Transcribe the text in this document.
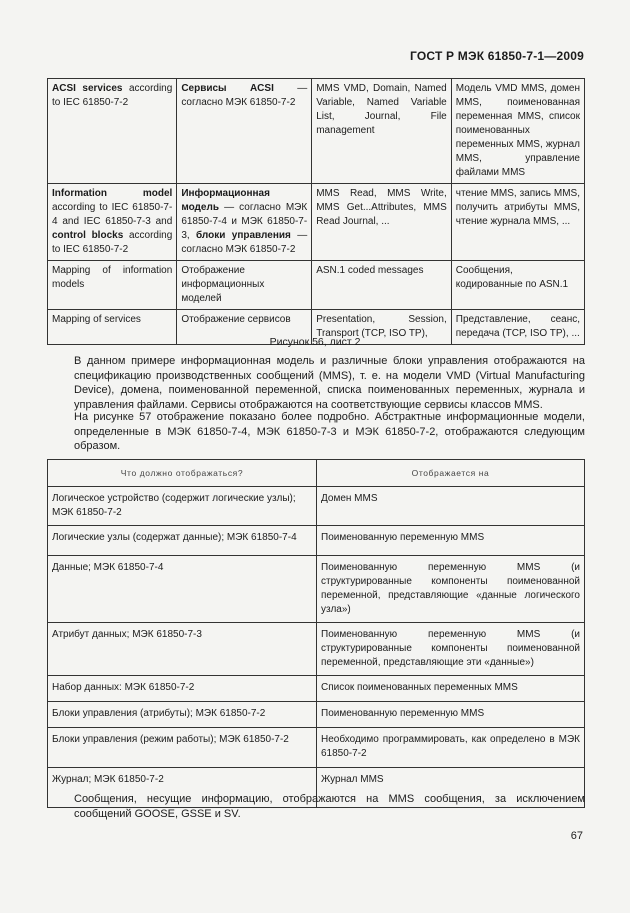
ГОСТ Р МЭК 61850-7-1—2009
ACSI services according to IEC 61850-7-2	Сервисы ACSI — согласно МЭК 61850-7-2	MMS VMD, Domain, Named Variable, Named Variable List, Journal, File management	Модель VMD MMS, домен MMS, поименованная переменная MMS, список поименованных переменных MMS, журнал MMS, управление файлами MMS
Information model according to IEC 61850-7-4 and IEC 61850-7-3 and control blocks according to IEC 61850-7-2	Информационная модель — согласно МЭК 61850-7-4 и МЭК 61850-7-3, блоки управления — согласно МЭК 61850-7-2	MMS Read, MMS Write, MMS Get...Attributes, MMS Read Journal, ...	чтение MMS, запись MMS, получить атрибуты MMS, чтение журнала MMS, ...
Mapping of information models	Отображение информационных моделей	ASN.1 coded messages	Сообщения, кодированные по ASN.1
Mapping of services	Отображение сервисов	Presentation, Session, Transport (TCP, ISO TP),	Представление, сеанс, передача (TCP, ISO TP), ...
Рисунок 56, лист 2
В данном примере информационная модель и различные блоки управления отображаются на спецификацию производственных сообщений (MMS), т. е. на модели VMD (Virtual Manufacturing Device), домена, поименованной переменной, списка поименованных переменных, журнала и управления файлами. Сервисы отображаются на соответствующие сервисы классов MMS.
На рисунке 57 отображение показано более подробно. Абстрактные информационные модели, определенные в МЭК 61850-7-4, МЭК 61850-7-3 и МЭК 61850-7-2, отображаются следующим образом.
Что должно отображаться?	Отображается на
Логическое устройство (содержит логические узлы); МЭК 61850-7-2	Домен MMS
Логические узлы (содержат данные); МЭК 61850-7-4	Поименованную переменную MMS
Данные; МЭК 61850-7-4	Поименованную переменную MMS (и структурированные компоненты поименованной переменной, представляющие «данные логического узла»)
Атрибут данных; МЭК 61850-7-3	Поименованную переменную MMS (и структурированные компоненты поименованной переменной, представляющие эти «данные»)
Набор данных: МЭК 61850-7-2	Список поименованных переменных MMS
Блоки управления (атрибуты); МЭК 61850-7-2	Поименованную переменную MMS
Блоки управления (режим работы); МЭК 61850-7-2	Необходимо программировать, как определено в МЭК 61850-7-2
Журнал; МЭК 61850-7-2	Журнал MMS
Сообщения, несущие информацию, отображаются на MMS сообщения, за исключением сообщений GOOSE, GSSE и SV.
67
